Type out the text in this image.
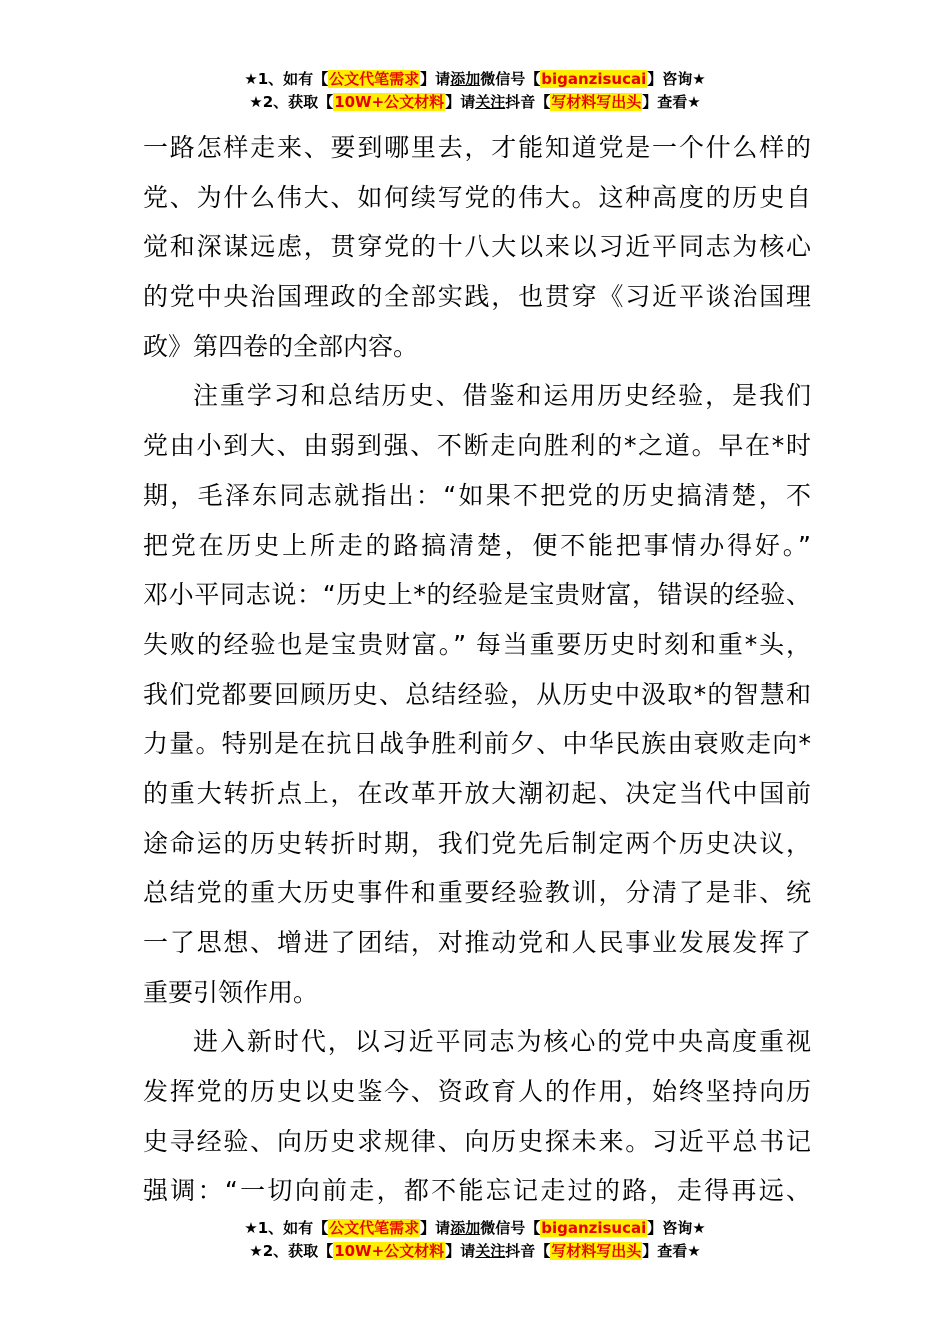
★1、如有【公文代笔需求】请添加微信号【biganzisucai】咨询★
★2、获取【10W+公文材料】请关注抖音【写材料写出头】查看★
一路怎样走来、要到哪里去，才能知道党是一个什么样的
党、为什么伟大、如何续写党的伟大。这种高度的历史自
觉和深谋远虑，贯穿党的十八大以来以习近平同志为核心
的党中央治国理政的全部实践，也贯穿《习近平谈治国理
政》第四卷的全部内容。
注重学习和总结历史、借鉴和运用历史经验，是我们
党由小到大、由弱到强、不断走向胜利的*之道。早在*时
期，毛泽东同志就指出：“如果不把党的历史搞清楚，不
把党在历史上所走的路搞清楚，便不能把事情办得好。”
邓小平同志说：“历史上*的经验是宝贵财富，错误的经验、
失败的经验也是宝贵财富。” 每当重要历史时刻和重*头，
我们党都要回顾历史、总结经验，从历史中汲取*的智慧和
力量。特别是在抗日战争胜利前夕、中华民族由衰败走向*
的重大转折点上，在改革开放大潮初起、决定当代中国前
途命运的历史转折时期，我们党先后制定两个历史决议，
总结党的重大历史事件和重要经验教训，分清了是非、统
一了思想、增进了团结，对推动党和人民事业发展发挥了
重要引领作用。
进入新时代，以习近平同志为核心的党中央高度重视
发挥党的历史以史鉴今、资政育人的作用，始终坚持向历
史寻经验、向历史求规律、向历史探未来。习近平总书记
强调：“一切向前走，都不能忘记走过的路，走得再远、
★1、如有【公文代笔需求】请添加微信号【biganzisucai】咨询★
★2、获取【10W+公文材料】请关注抖音【写材料写出头】查看★
